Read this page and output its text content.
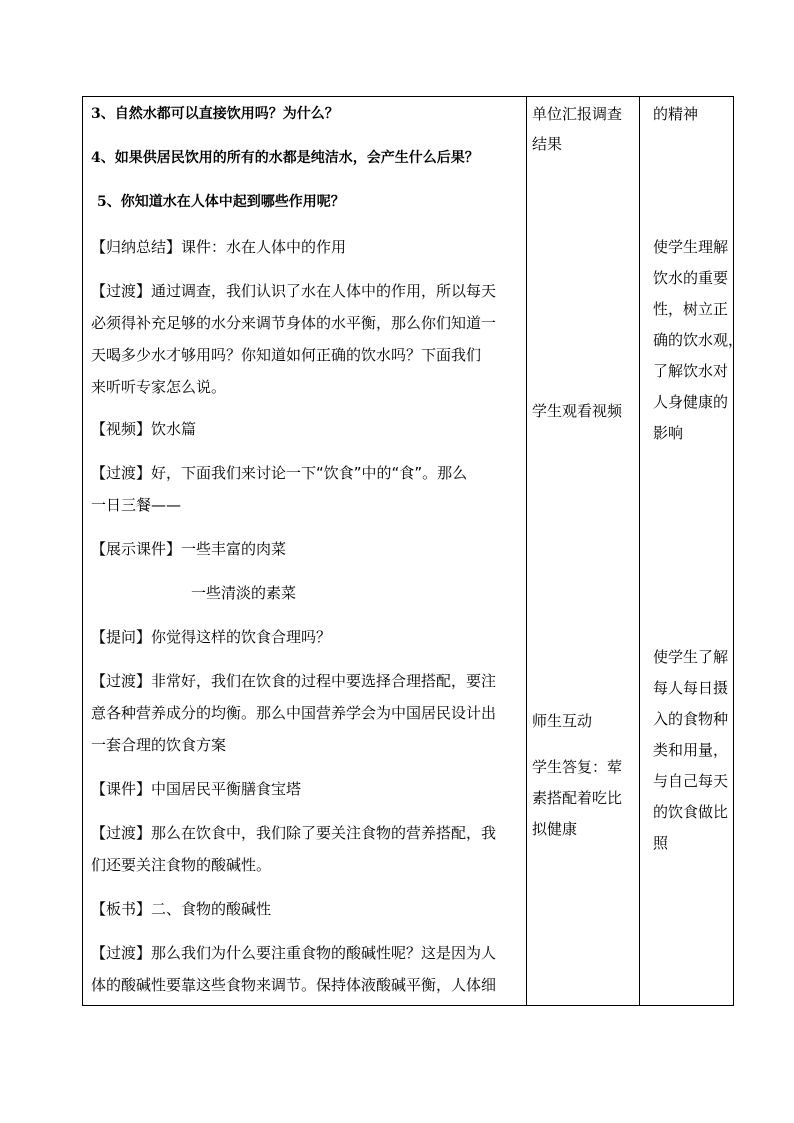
3、自然水都可以直接饮用吗？为什么？
4、如果供居民饮用的所有的水都是纯洁水，会产生什么后果？
5、你知道水在人体中起到哪些作用呢？
【归纳总结】课件：水在人体中的作用
【过渡】通过调查，我们认识了水在人体中的作用，所以每天
必须得补充足够的水分来调节身体的水平衡，那么你们知道一
天喝多少水才够用吗？你知道如何正确的饮水吗？下面我们
来听听专家怎么说。
【视频】饮水篇
【过渡】好，下面我们来讨论一下“饮食”中的“食”。那么
一日三餐——
【展示课件】一些丰富的肉菜
一些清淡的素菜
【提问】你觉得这样的饮食合理吗？
【过渡】非常好，我们在饮食的过程中要选择合理搭配，要注
意各种营养成分的均衡。那么中国营养学会为中国居民设计出
一套合理的饮食方案
【课件】中国居民平衡膳食宝塔
【过渡】那么在饮食中，我们除了要关注食物的营养搭配，我
们还要关注食物的酸碱性。
【板书】二、食物的酸碱性
【过渡】那么我们为什么要注重食物的酸碱性呢？这是因为人
体的酸碱性要靠这些食物来调节。保持体液酸碱平衡，人体细
单位汇报调查
结果
学生观看视频
师生互动
学生答复：荤
素搭配着吃比
拟健康
的精神
使学生理解
饮水的重要
性，树立正
确的饮水观，
了解饮水对
人身健康的
影响
使学生了解
每人每日摄
入的食物种
类和用量，
与自己每天
的饮食做比
照
